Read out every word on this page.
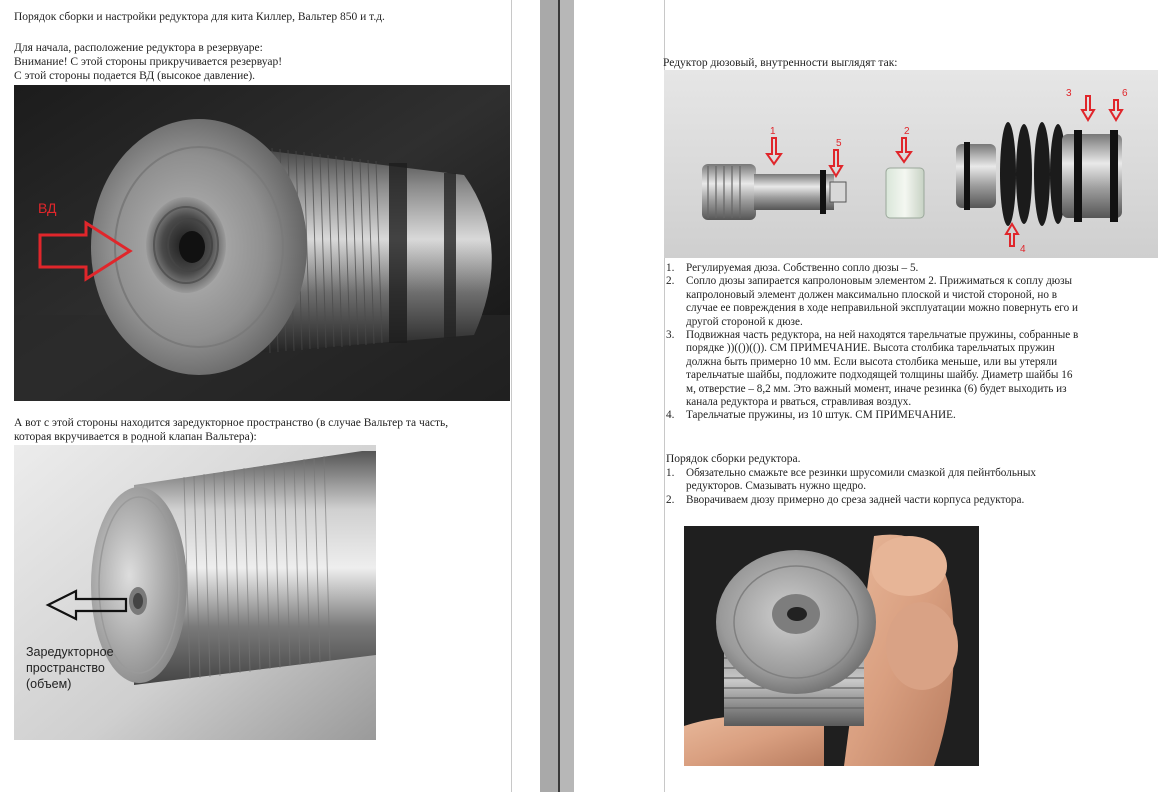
Порядок сборки и настройки редуктора для кита Киллер, Вальтер 850 и т.д.
Для начала, расположение редуктора в резервуаре:
Внимание! С этой стороны прикручивается резервуар!
С этой стороны подается ВД (высокое давление).
ВД
А вот с этой стороны находится заредукторное пространство (в случае Вальтер та часть,
которая вкручивается в родной клапан Вальтера):
Заредукторное
пространство
(объем)
Редуктор дюзовый, внутренности выглядят так:
1
5
2
3	6
4
1. Регулируемая дюза. Собственно сопло дюзы – 5.
2. Сопло дюзы запирается капролоновым элементом 2. Прижиматься к соплу дюзы
капролоновый элемент должен максимально плоской и чистой стороной, но в
случае ее повреждения в ходе неправильной эксплуатации можно повернуть его и
другой стороной к дюзе.
3. Подвижная часть редуктора, на ней находятся тарельчатые пружины, собранные в
порядке ))(())(()). СМ ПРИМЕЧАНИЕ. Высота столбика тарельчатых пружин
должна быть примерно 10 мм. Если высота столбика меньше, или вы утеряли
тарельчатые шайбы, подложите подходящей толщины шайбу. Диаметр шайбы 16
м, отверстие – 8,2 мм. Это важный момент, иначе резинка (6) будет выходить из
канала редуктора и рваться, стравливая воздух.
4. Тарельчатые пружины, из 10 штук. СМ ПРИМЕЧАНИЕ.
Порядок сборки редуктора.
1. Обязательно смажьте все резинки шрусомили смазкой для пейнтбольных
редукторов. Смазывать нужно щедро.
2. Вворачиваем дюзу примерно до среза задней части корпуса редуктора.
